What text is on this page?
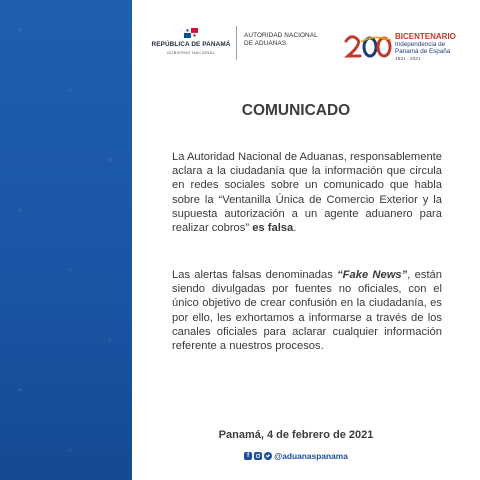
REPÚBLICA DE PANAMÁ
GOBIERNO NACIONAL
AUTORIDAD NACIONAL
DE ADUANAS
BICENTENARIO
Independencia de
Panamá de España
1821 · 2021
COMUNICADO
La Autoridad Nacional de Aduanas, responsablemente aclara a la ciudadanía que la información que circula en redes sociales sobre un comunicado que habla sobre la “Ventanilla Única de Comercio Exterior y la supuesta autorización a un agente aduanero para realizar cobros” es falsa.
Las alertas falsas denominadas “Fake News”, están siendo divulgadas por fuentes no oficiales, con el único objetivo de crear confusión en la ciudadanía, es por ello, les exhortamos a informarse a través de los canales oficiales para aclarar cualquier información referente a nuestros procesos.
Panamá, 4 de febrero de 2021
f	@aduanaspanama
